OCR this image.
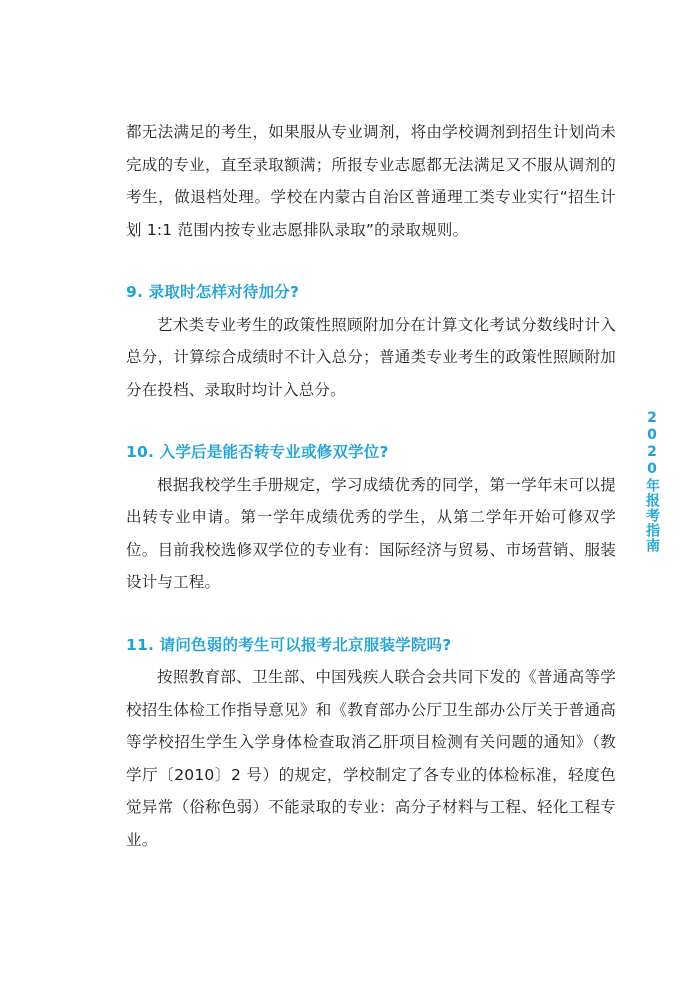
都无法满足的考生，如果服从专业调剂，将由学校调剂到招生计划尚未完成的专业，直至录取额满；所报专业志愿都无法满足又不服从调剂的考生，做退档处理。学校在内蒙古自治区普通理工类专业实行“招生计划 1:1 范围内按专业志愿排队录取”的录取规则。

9. 录取时怎样对待加分?

艺术类专业考生的政策性照顾附加分在计算文化考试分数线时计入总分，计算综合成绩时不计入总分；普通类专业考生的政策性照顾附加分在投档、录取时均计入总分。

10. 入学后是能否转专业或修双学位?

根据我校学生手册规定，学习成绩优秀的同学，第一学年末可以提出转专业申请。第一学年成绩优秀的学生，从第二学年开始可修双学位。目前我校选修双学位的专业有：国际经济与贸易、市场营销、服装设计与工程。

11. 请问色弱的考生可以报考北京服装学院吗?

按照教育部、卫生部、中国残疾人联合会共同下发的《普通高等学校招生体检工作指导意见》和《教育部办公厅卫生部办公厅关于普通高等学校招生学生入学身体检查取消乙肝项目检测有关问题的通知》（教学厅〔2010〕2 号）的规定，学校制定了各专业的体检标准，轻度色觉异常（俗称色弱）不能录取的专业：高分子材料与工程、轻化工程专业。

2020年报考指南
